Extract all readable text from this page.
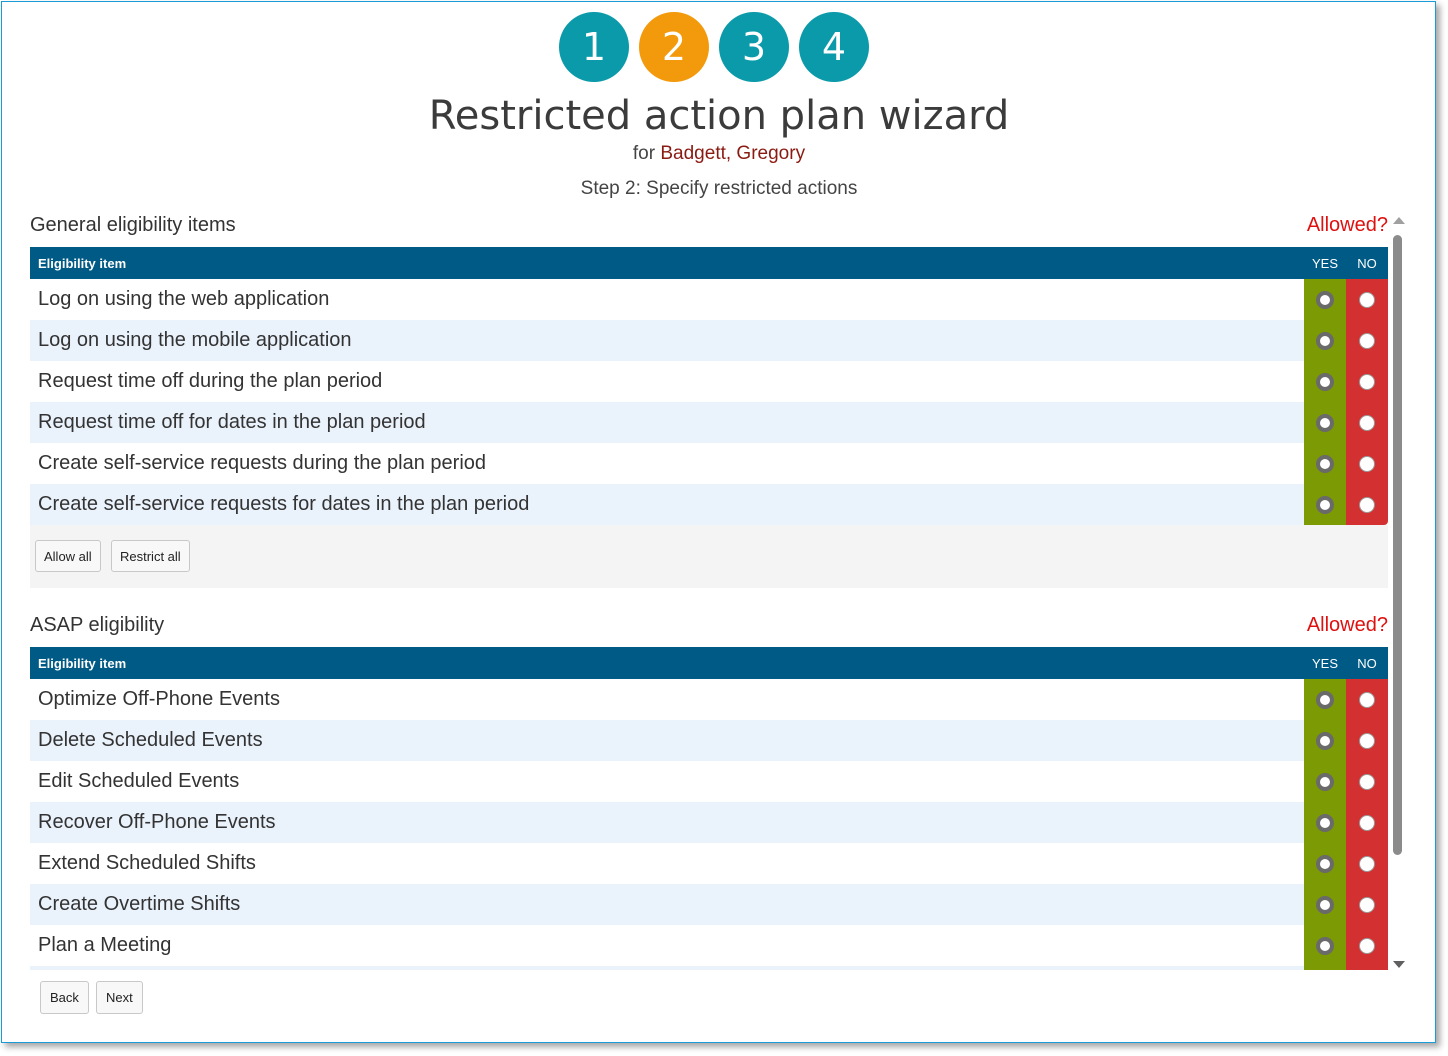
1	2	3	4
Restricted action plan wizard
for Badgett, Gregory
Step 2: Specify restricted actions
General eligibility items	Allowed?
Eligibility item	YES	NO
Log on using the web application		
Log on using the mobile application		
Request time off during the plan period		
Request time off for dates in the plan period		
Create self-service requests during the plan period		
Create self-service requests for dates in the plan period		
Allow all	Restrict all
ASAP eligibility	Allowed?
Eligibility item	YES	NO
Optimize Off-Phone Events		
Delete Scheduled Events		
Edit Scheduled Events		
Recover Off-Phone Events		
Extend Scheduled Shifts		
Create Overtime Shifts		
Plan a Meeting		

Back	Next
